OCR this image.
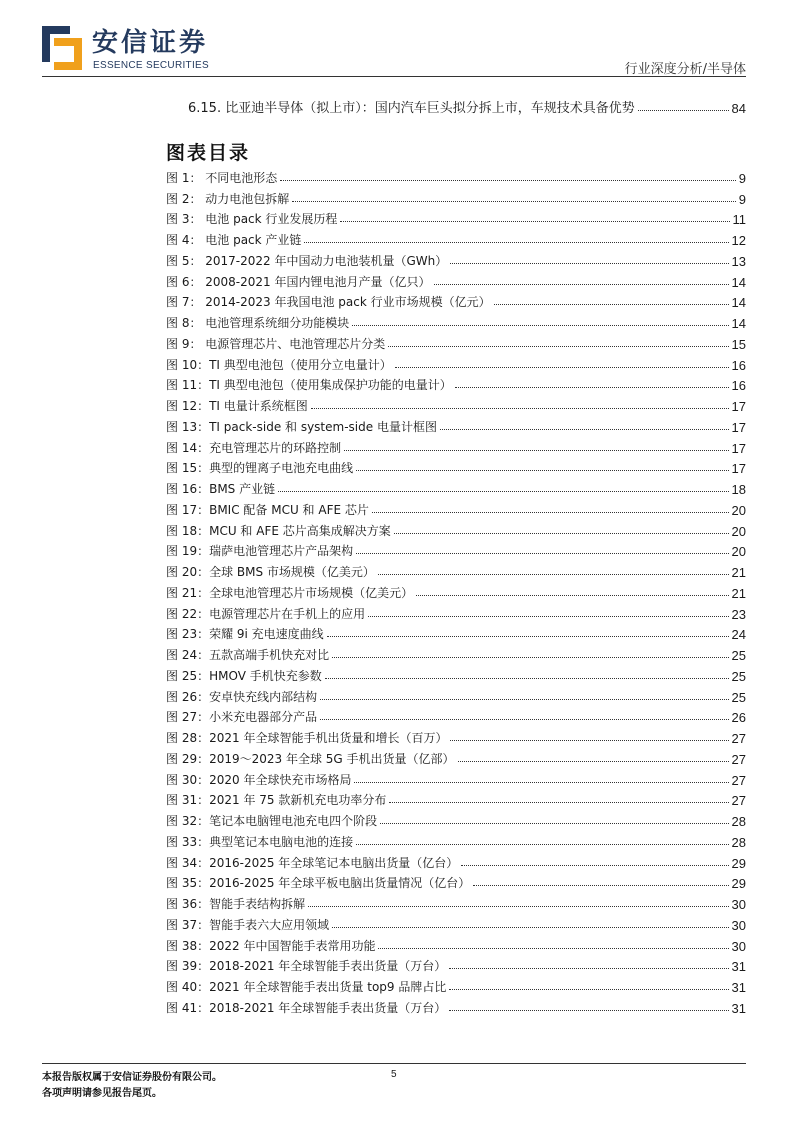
安信证券
ESSENCE SECURITIES	行业深度分析/半导体
6.15. 比亚迪半导体（拟上市）：国内汽车巨头拟分拆上市，车规技术具备优势	84
图表目录
图 1： 不同电池形态	9
图 2： 动力电池包拆解	9
图 3： 电池 pack 行业发展历程	11
图 4： 电池 pack 产业链	12
图 5： 2017-2022 年中国动力电池装机量（GWh）	13
图 6： 2008-2021 年国内锂电池月产量（亿只）	14
图 7： 2014-2023 年我国电池 pack 行业市场规模（亿元）	14
图 8： 电池管理系统细分功能模块	14
图 9： 电源管理芯片、电池管理芯片分类	15
图 10：TI 典型电池包（使用分立电量计）	16
图 11：TI 典型电池包（使用集成保护功能的电量计）	16
图 12：TI 电量计系统框图	17
图 13：TI pack-side 和 system-side 电量计框图	17
图 14：充电管理芯片的环路控制	17
图 15：典型的锂离子电池充电曲线	17
图 16：BMS 产业链	18
图 17：BMIC 配备 MCU 和 AFE 芯片	20
图 18：MCU 和 AFE 芯片高集成解决方案	20
图 19：瑞萨电池管理芯片产品架构	20
图 20：全球 BMS 市场规模（亿美元）	21
图 21：全球电池管理芯片市场规模（亿美元）	21
图 22：电源管理芯片在手机上的应用	23
图 23：荣耀 9i 充电速度曲线	24
图 24：五款高端手机快充对比	25
图 25：HMOV 手机快充参数	25
图 26：安卓快充线内部结构	25
图 27：小米充电器部分产品	26
图 28：2021 年全球智能手机出货量和增长（百万）	27
图 29：2019～2023 年全球 5G 手机出货量（亿部）	27
图 30：2020 年全球快充市场格局	27
图 31：2021 年 75 款新机充电功率分布	27
图 32：笔记本电脑锂电池充电四个阶段	28
图 33：典型笔记本电脑电池的连接	28
图 34：2016-2025 年全球笔记本电脑出货量（亿台）	29
图 35：2016-2025 年全球平板电脑出货量情况（亿台）	29
图 36：智能手表结构拆解	30
图 37：智能手表六大应用领域	30
图 38：2022 年中国智能手表常用功能	30
图 39：2018-2021 年全球智能手表出货量（万台）	31
图 40：2021 年全球智能手表出货量 top9 品牌占比	31
图 41：2018-2021 年全球智能手表出货量（万台）	31
本报告版权属于安信证券股份有限公司。
各项声明请参见报告尾页。
5
